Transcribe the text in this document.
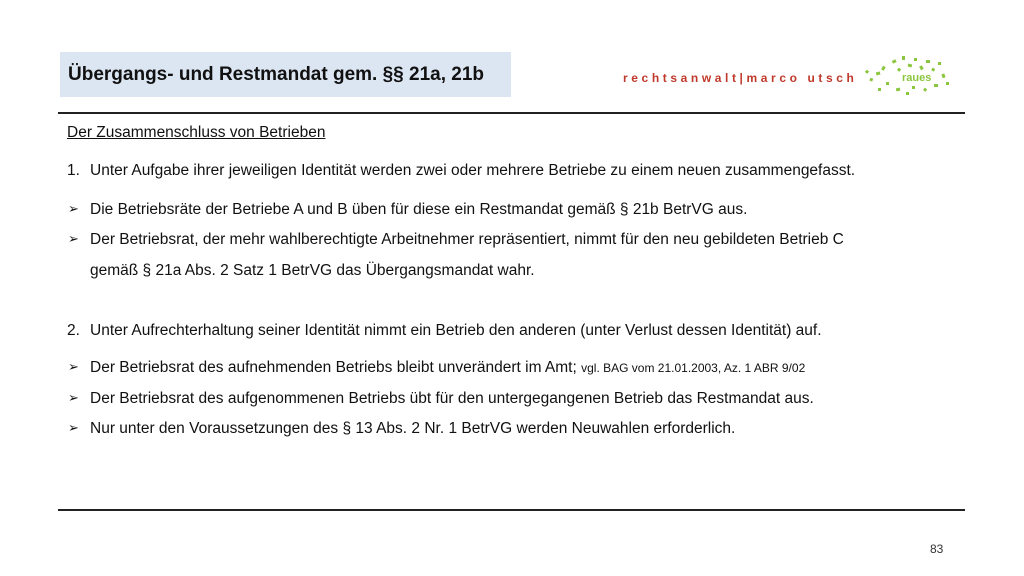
Übergangs- und Restmandat gem. §§ 21a, 21b	rechtsanwalt|marco utsch	raues
Der Zusammenschluss von Betrieben
1. Unter Aufgabe ihrer jeweiligen Identität werden zwei oder mehrere Betriebe zu einem neuen zusammengefasst.
➢ Die Betriebsräte der Betriebe A und B üben für diese ein Restmandat gemäß § 21b BetrVG aus.
➢ Der Betriebsrat, der mehr wahlberechtigte Arbeitnehmer repräsentiert, nimmt für den neu gebildeten Betrieb C
gemäß § 21a Abs. 2 Satz 1 BetrVG das Übergangsmandat wahr.
2. Unter Aufrechterhaltung seiner Identität nimmt ein Betrieb den anderen (unter Verlust dessen Identität) auf.
➢ Der Betriebsrat des aufnehmenden Betriebs bleibt unverändert im Amt; vgl. BAG vom 21.01.2003, Az. 1 ABR 9/02
➢ Der Betriebsrat des aufgenommenen Betriebs übt für den untergegangenen Betrieb das Restmandat aus.
➢ Nur unter den Voraussetzungen des § 13 Abs. 2 Nr. 1 BetrVG werden Neuwahlen erforderlich.
83
